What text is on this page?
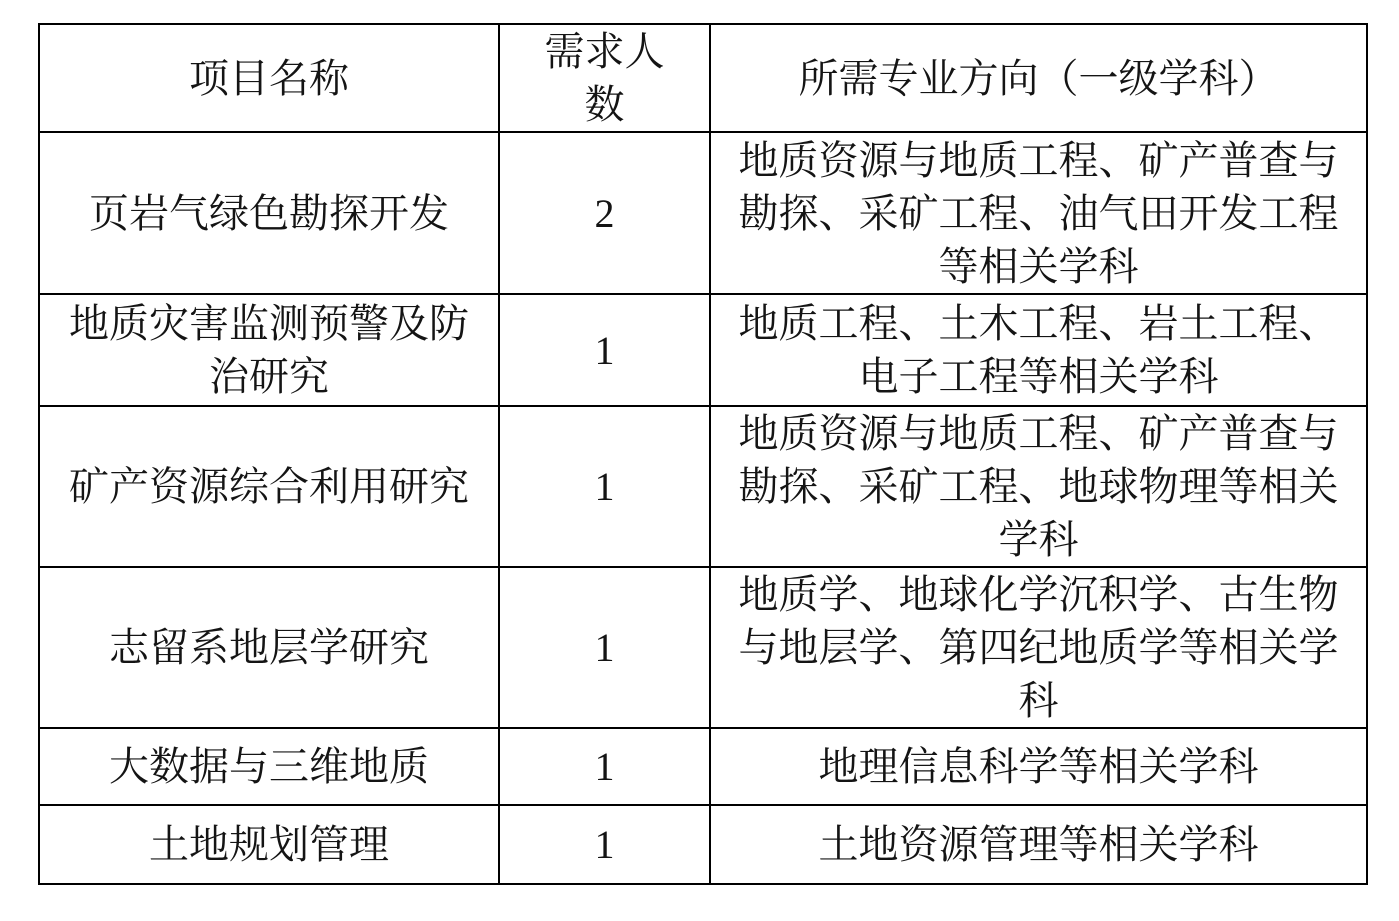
项目名称	需求人数	所需专业方向（一级学科）
页岩气绿色勘探开发	2	地质资源与地质工程、矿产普查与勘探、采矿工程、油气田开发工程等相关学科
地质灾害监测预警及防治研究	1	地质工程、土木工程、岩土工程、电子工程等相关学科
矿产资源综合利用研究	1	地质资源与地质工程、矿产普查与勘探、采矿工程、地球物理等相关学科
志留系地层学研究	1	地质学、地球化学沉积学、古生物与地层学、第四纪地质学等相关学科
大数据与三维地质	1	地理信息科学等相关学科
土地规划管理	1	土地资源管理等相关学科
